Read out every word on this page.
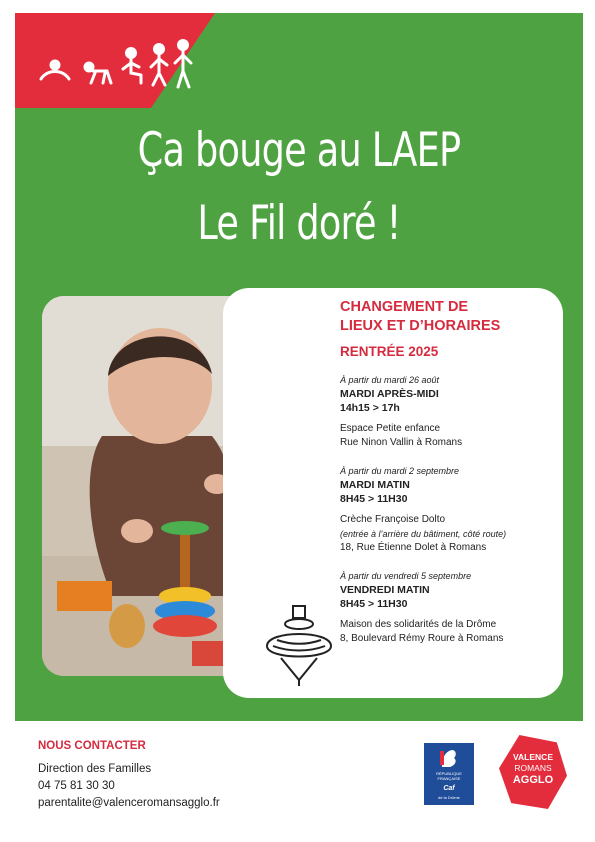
Ça bouge au LAEP
Le Fil doré !
CHANGEMENT DE
LIEUX ET D’HORAIRES
RENTRÉE 2025
À partir du mardi 26 août
MARDI APRÈS-MIDI
14h15 > 17h
Espace Petite enfance
Rue Ninon Vallin à Romans
À partir du mardi 2 septembre
MARDI MATIN
8H45 > 11H30
Crèche Françoise Dolto
(entrée à l’arrière du bâtiment, côté route)
18, Rue Étienne Dolet à Romans
À partir du vendredi 5 septembre
VENDREDI MATIN
8H45 > 11H30
Maison des solidarités de la Drôme
8, Boulevard Rémy Roure à Romans
NOUS CONTACTER
Direction des Familles
04 75 81 30 30
parentalite@valenceromansagglo.fr
RÉPUBLIQUE
FRANÇAISE
Caf
de la Drôme
VALENCE
ROMANS
AGGLO
